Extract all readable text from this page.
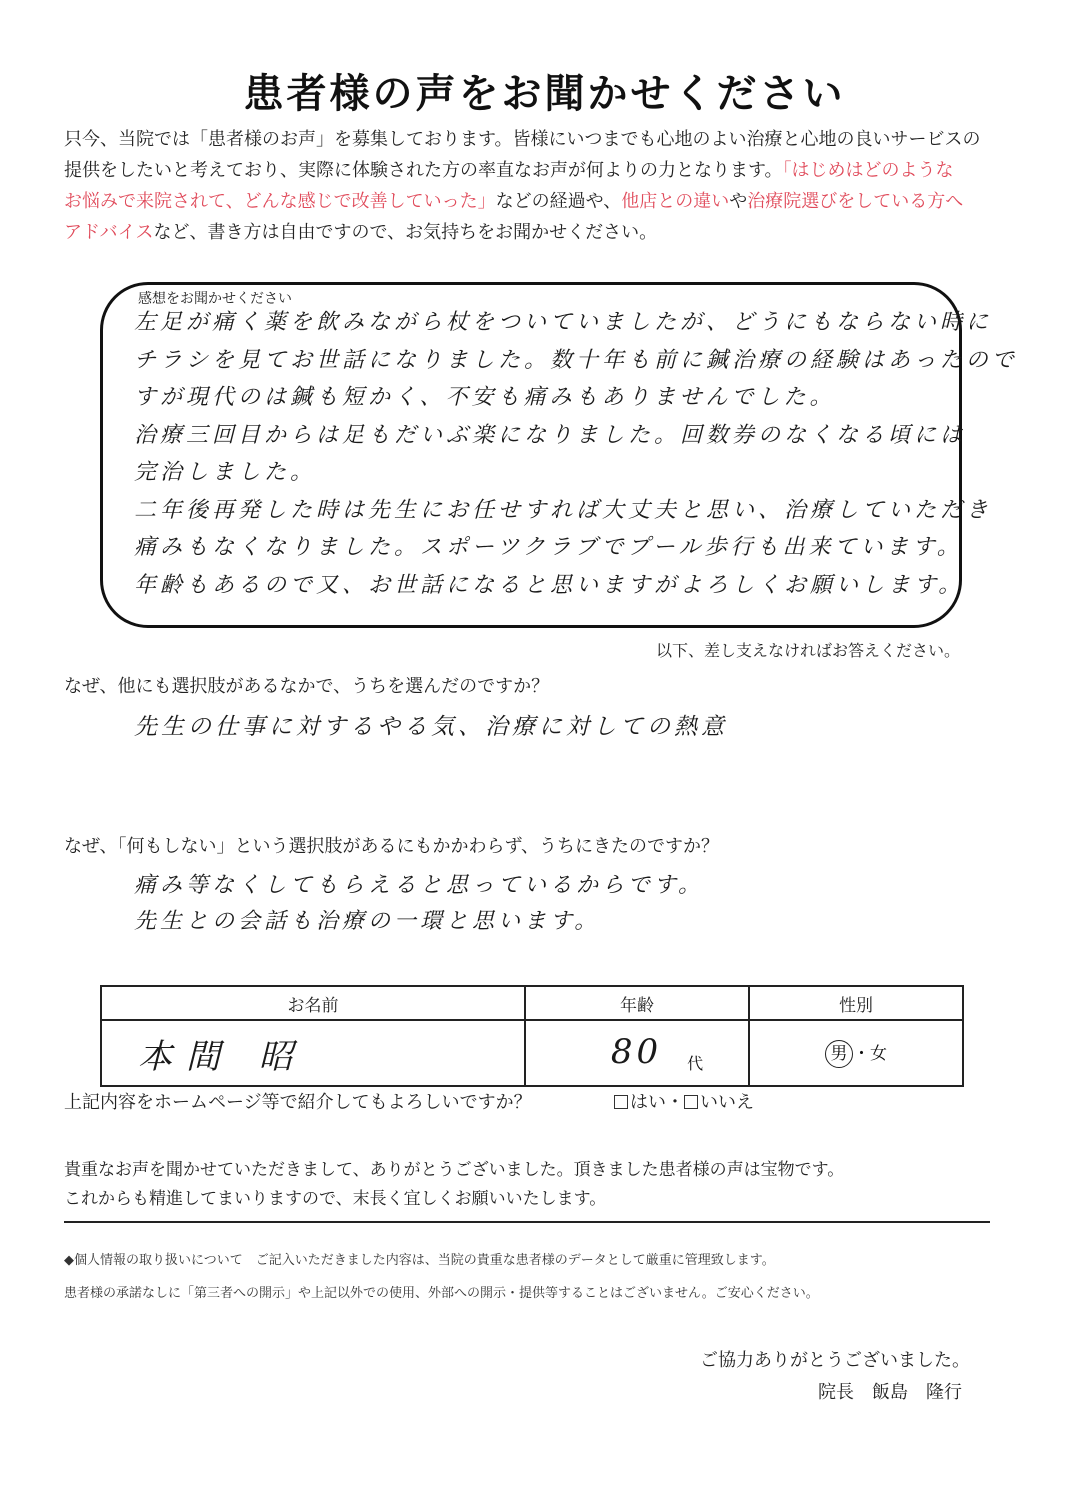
患者様の声をお聞かせください
只今、当院では「患者様のお声」を募集しております。皆様にいつまでも心地のよい治療と心地の良いサービスの
提供をしたいと考えており、実際に体験された方の率直なお声が何よりの力となります。「はじめはどのような
お悩みで来院されて、どんな感じで改善していった」などの経過や、他店との違いや治療院選びをしている方へ
アドバイスなど、書き方は自由ですので、お気持ちをお聞かせください。
感想をお聞かせください
左足が痛く薬を飲みながら杖をついていましたが、どうにもならない時に
チラシを見てお世話になりました。数十年も前に鍼治療の経験はあったので
すが現代のは鍼も短かく、不安も痛みもありませんでした。
治療三回目からは足もだいぶ楽になりました。回数券のなくなる頃には
完治しました。
二年後再発した時は先生にお任せすれば大丈夫と思い、治療していただき
痛みもなくなりました。スポーツクラブでプール歩行も出来ています。
年齢もあるので又、お世話になると思いますがよろしくお願いします。
以下、差し支えなければお答えください。
なぜ、他にも選択肢があるなかで、うちを選んだのですか？
先生の仕事に対するやる気、治療に対しての熱意
なぜ、「何もしない」という選択肢があるにもかかわらず、うちにきたのですか？
痛み等なくしてもらえると思っているからです。
先生との会話も治療の一環と思います。
お名前	年齢	性別
本間 昭	80 代	男 ・女
上記内容をホームページ等で紹介してもよろしいですか？	はい・ いいえ
貴重なお声を聞かせていただきまして、ありがとうございました。頂きました患者様の声は宝物です。
これからも精進してまいりますので、末長く宜しくお願いいたします。
◆個人情報の取り扱いについて　ご記入いただきました内容は、当院の貴重な患者様のデータとして厳重に管理致します。
患者様の承諾なしに「第三者への開示」や上記以外での使用、外部への開示・提供等することはございません。ご安心ください。
ご協力ありがとうございました。
院長　飯島　隆行
